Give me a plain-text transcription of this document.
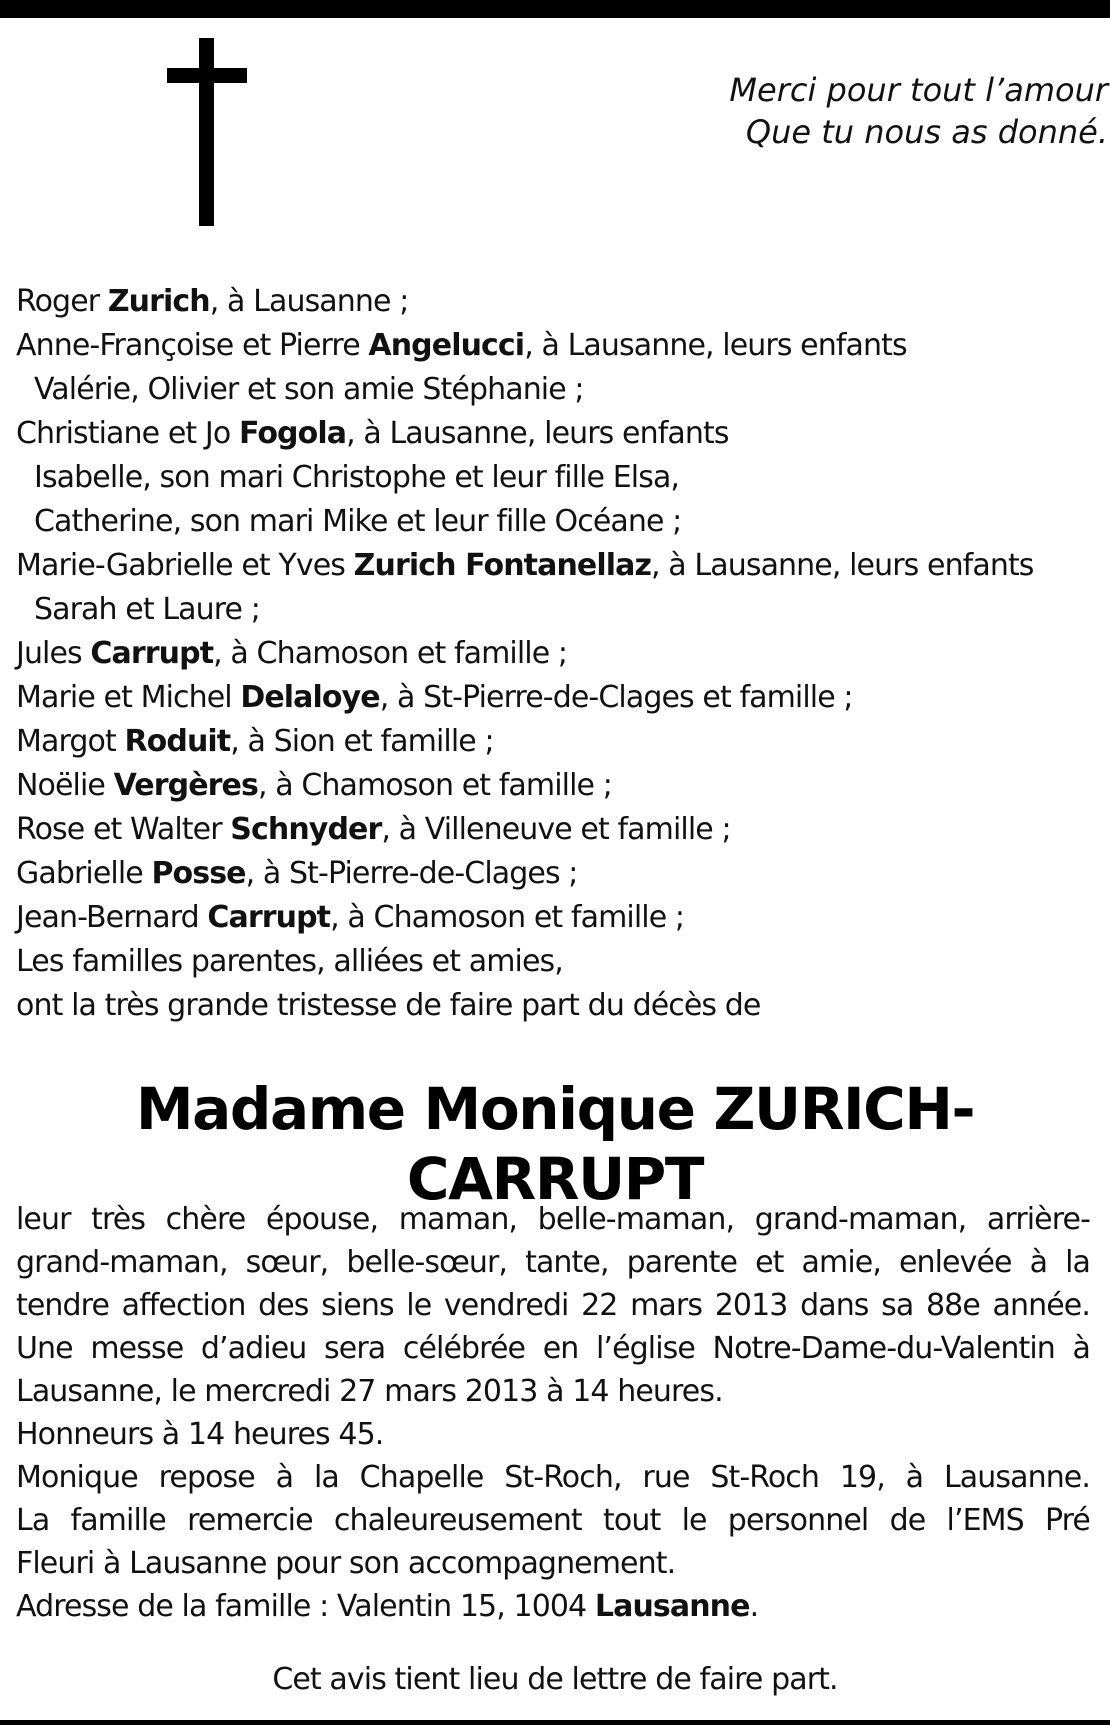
Merci pour tout l’amour
Que tu nous as donné.
Roger Zurich, à Lausanne ;
Anne-Françoise et Pierre Angelucci, à Lausanne, leurs enfants
Valérie, Olivier et son amie Stéphanie ;
Christiane et Jo Fogola, à Lausanne, leurs enfants
Isabelle, son mari Christophe et leur fille Elsa,
Catherine, son mari Mike et leur fille Océane ;
Marie-Gabrielle et Yves Zurich Fontanellaz, à Lausanne, leurs enfants
Sarah et Laure ;
Jules Carrupt, à Chamoson et famille ;
Marie et Michel Delaloye, à St-Pierre-de-Clages et famille ;
Margot Roduit, à Sion et famille ;
Noëlie Vergères, à Chamoson et famille ;
Rose et Walter Schnyder, à Villeneuve et famille ;
Gabrielle Posse, à St-Pierre-de-Clages ;
Jean-Bernard Carrupt, à Chamoson et famille ;
Les familles parentes, alliées et amies,
ont la très grande tristesse de faire part du décès de
Madame Monique ZURICH-CARRUPT
leur très chère épouse, maman, belle-maman, grand-maman, arrière-
grand-maman, sœur, belle-sœur, tante, parente et amie, enlevée à la
tendre affection des siens le vendredi 22 mars 2013 dans sa 88e année.
Une messe d’adieu sera célébrée en l’église Notre-Dame-du-Valentin à
Lausanne, le mercredi 27 mars 2013 à 14 heures.
Honneurs à 14 heures 45.
Monique repose à la Chapelle St-Roch, rue St-Roch 19, à Lausanne.
La famille remercie chaleureusement tout le personnel de l’EMS Pré
Fleuri à Lausanne pour son accompagnement.
Adresse de la famille : Valentin 15, 1004 Lausanne.
Cet avis tient lieu de lettre de faire part.
